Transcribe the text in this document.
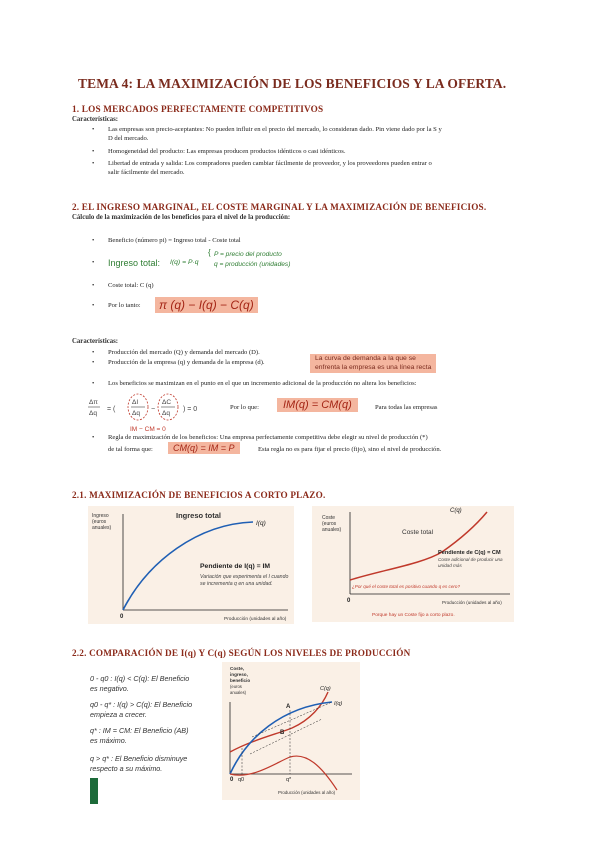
TEMA 4: LA MAXIMIZACIÓN DE LOS BENEFICIOS Y LA OFERTA.
1. LOS MERCADOS PERFECTAMENTE COMPETITIVOS
Características:
• Las empresas son precio-aceptantes: No pueden influir en el precio del mercado, lo consideran dado. Pin viene dado por la S y
D del mercado.
• Homogeneidad del producto: Las empresas producen productos idénticos o casi idénticos.
• Libertad de entrada y salida: Los compradores pueden cambiar fácilmente de proveedor, y los proveedores pueden entrar o
salir fácilmente del mercado.
2. EL INGRESO MARGINAL, EL COSTE MARGINAL Y LA MAXIMIZACIÓN DE BENEFICIOS.
Cálculo de la maximización de los beneficios para el nivel de la producción:
• Beneficio (número pi) = Ingreso total - Coste total
• Ingreso total: I(q) = P·q
{ P = precio del producto
q = producción (unidades)
• Coste total: C (q)
• Por lo tanto:	π (q) − I(q) − C(q)
Características:
• Producción del mercado (Q) y demanda del mercado (D).
• Producción de la empresa (q) y demanda de la empresa (d).
La curva de demanda a la que se
enfrenta la empresa es una línea recta
• Los beneficios se maximizan en el punto en el que un incremento adicional de la producción no altera los beneficios:
Δπ
Δq
= (
ΔI
Δq
−
ΔC
Δq
) = 0
IM − CM = 0
Por lo que:	IM(q) = CM(q)	Para todas las empresas
• Regla de maximización de los beneficios: Una empresa perfectamente competitiva debe elegir su nivel de producción (*)
de tal forma que:	CM(q) = IM = P	Esta regla no es para fijar el precio (fijo), sino el nivel de producción.
2.1. MAXIMIZACIÓN DE BENEFICIOS A CORTO PLAZO.
Ingreso
(euros
anuales)
Ingreso total
I(q)
Pendiente de I(q) = IM
Variación que experimenta el I cuando
se incrementa q en una unidad.
0	Producción (unidades al año)
Coste
(euros
anuales)
C(q)
Coste total
Pendiente de C(q) = CM
Coste adicional de producir una
unidad más
0
¿Por qué el coste total es positivo cuando q es cero?
Producción (unidades al año)
Porque hay un Coste fijo a corto plazo.
2.2. COMPARACIÓN DE I(q) Y C(q) SEGÚN LOS NIVELES DE PRODUCCIÓN
0 - q0 : I(q) < C(q): El Beneficio
es negativo.
q0 - q* : I(q) > C(q): El Beneficio
empieza a crecer.
q* : IM = CM: El Beneficio (AB)
es máximo.
q > q* : El Beneficio disminuye
respecto a su máximo.
Coste,
ingreso,
beneficio
(euros
anuales)
A
B
C(q)
I(q)
0 q0	q*
Producción (unidades al año)
